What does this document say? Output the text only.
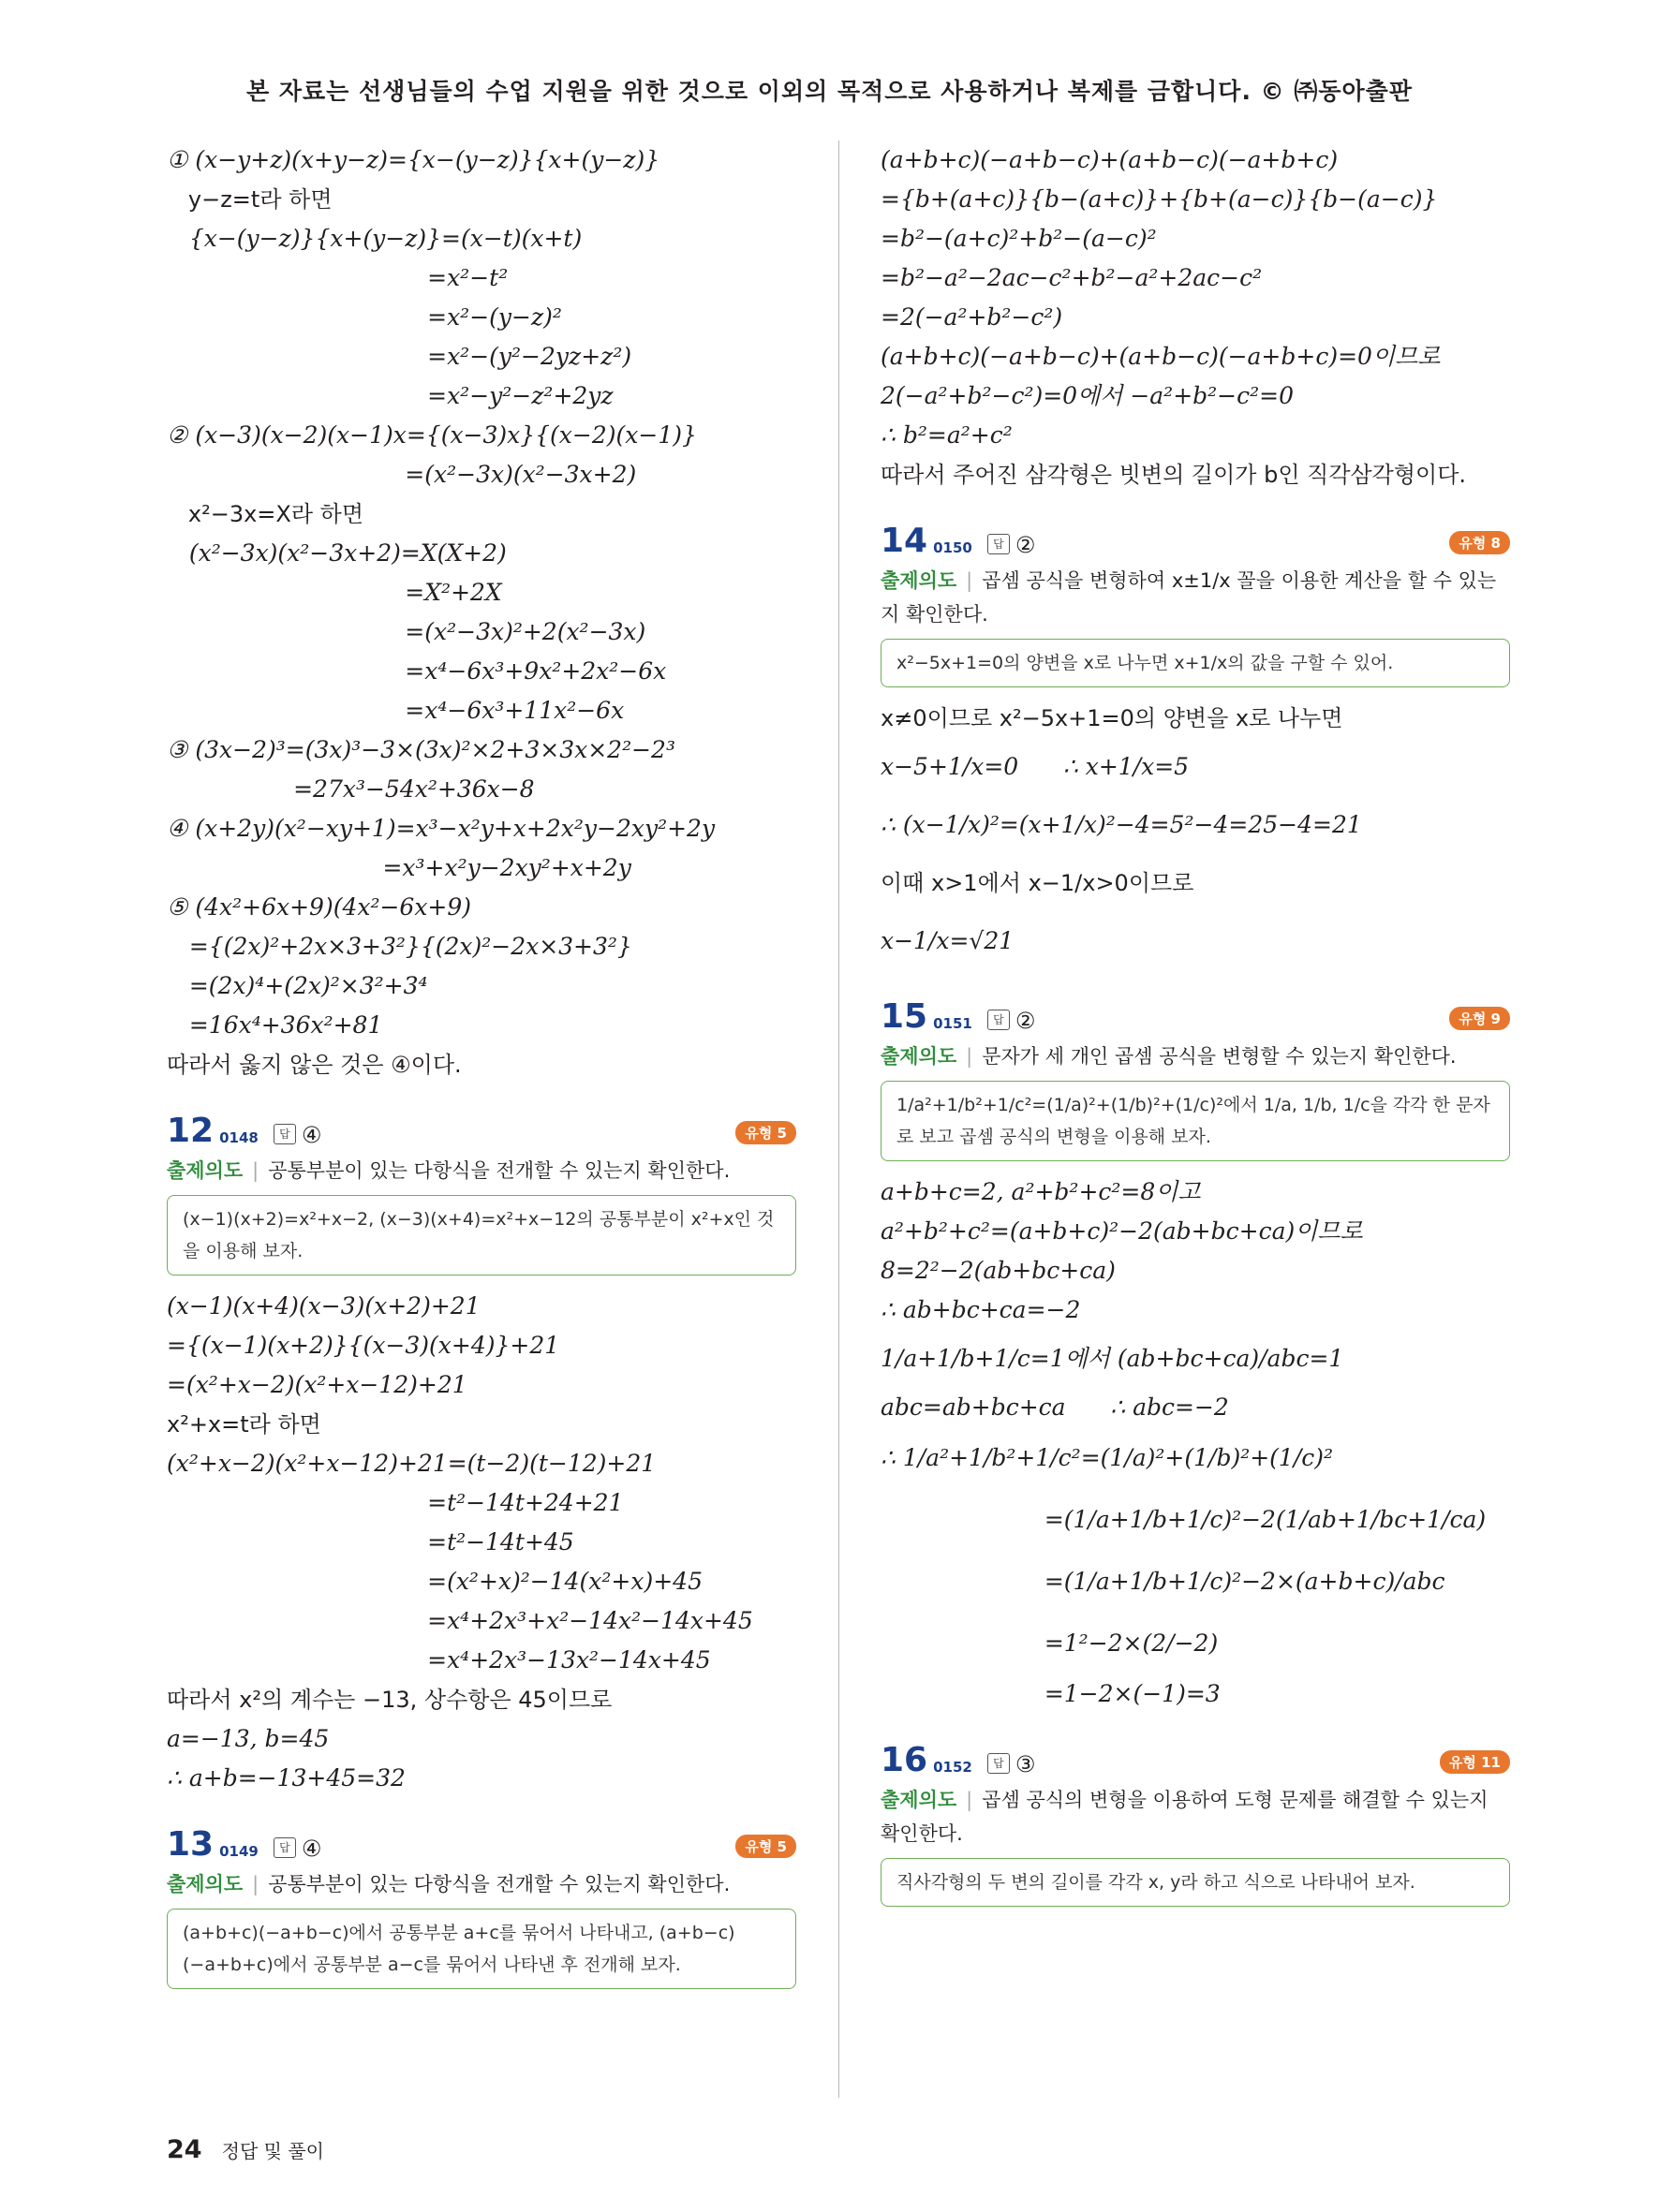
본 자료는 선생님들의 수업 지원을 위한 것으로 이외의 목적으로 사용하거나 복제를 금합니다. © ㈜동아출판
① (x−y+z)(x+y−z)={x−(y−z)}{x+(y−z)}
y−z=t라 하면
{x−(y−z)}{x+(y−z)}=(x−t)(x+t)
=x²−t²
=x²−(y−z)²
=x²−(y²−2yz+z²)
=x²−y²−z²+2yz
② (x−3)(x−2)(x−1)x={(x−3)x}{(x−2)(x−1)}
=(x²−3x)(x²−3x+2)
x²−3x=X라 하면
(x²−3x)(x²−3x+2)=X(X+2)
=X²+2X
=(x²−3x)²+2(x²−3x)
=x⁴−6x³+9x²+2x²−6x
=x⁴−6x³+11x²−6x
③ (3x−2)³=(3x)³−3×(3x)²×2+3×3x×2²−2³
=27x³−54x²+36x−8
④ (x+2y)(x²−xy+1)=x³−x²y+x+2x²y−2xy²+2y
=x³+x²y−2xy²+x+2y
⑤ (4x²+6x+9)(4x²−6x+9)
={(2x)²+2x×3+3²}{(2x)²−2x×3+3²}
=(2x)⁴+(2x)²×3²+3⁴
=16x⁴+36x²+81
따라서 옳지 않은 것은 ④이다.
12 0148	답 ④	유형 5
출제의도 | 공통부분이 있는 다항식을 전개할 수 있는지 확인한다.
(x−1)(x+2)=x²+x−2, (x−3)(x+4)=x²+x−12의 공통부분이 x²+x인 것을 이용해 보자.
(x−1)(x+4)(x−3)(x+2)+21
={(x−1)(x+2)}{(x−3)(x+4)}+21
=(x²+x−2)(x²+x−12)+21
x²+x=t라 하면
(x²+x−2)(x²+x−12)+21=(t−2)(t−12)+21
=t²−14t+24+21
=t²−14t+45
=(x²+x)²−14(x²+x)+45
=x⁴+2x³+x²−14x²−14x+45
=x⁴+2x³−13x²−14x+45
따라서 x²의 계수는 −13, 상수항은 45이므로
a=−13, b=45
∴ a+b=−13+45=32
13 0149	답 ④	유형 5
출제의도 | 공통부분이 있는 다항식을 전개할 수 있는지 확인한다.
(a+b+c)(−a+b−c)에서 공통부분 a+c를 묶어서 나타내고, (a+b−c)(−a+b+c)에서 공통부분 a−c를 묶어서 나타낸 후 전개해 보자.
(a+b+c)(−a+b−c)+(a+b−c)(−a+b+c)
={b+(a+c)}{b−(a+c)}+{b+(a−c)}{b−(a−c)}
=b²−(a+c)²+b²−(a−c)²
=b²−a²−2ac−c²+b²−a²+2ac−c²
=2(−a²+b²−c²)
(a+b+c)(−a+b−c)+(a+b−c)(−a+b+c)=0이므로
2(−a²+b²−c²)=0에서 −a²+b²−c²=0
∴ b²=a²+c²
따라서 주어진 삼각형은 빗변의 길이가 b인 직각삼각형이다.
14 0150	답 ②	유형 8
출제의도 | 곱셈 공식을 변형하여 x±1/x 꼴을 이용한 계산을 할 수 있는지 확인한다.
x²−5x+1=0의 양변을 x로 나누면 x+1/x의 값을 구할 수 있어.
x≠0이므로 x²−5x+1=0의 양변을 x로 나누면
x−5+1/x=0      ∴ x+1/x=5
∴ (x−1/x)²=(x+1/x)²−4=5²−4=25−4=21
이때 x>1에서 x−1/x>0이므로
x−1/x=√21
15 0151	답 ②	유형 9
출제의도 | 문자가 세 개인 곱셈 공식을 변형할 수 있는지 확인한다.
1/a²+1/b²+1/c²=(1/a)²+(1/b)²+(1/c)²에서 1/a, 1/b, 1/c을 각각 한 문자로 보고 곱셈 공식의 변형을 이용해 보자.
a+b+c=2, a²+b²+c²=8이고
a²+b²+c²=(a+b+c)²−2(ab+bc+ca)이므로
8=2²−2(ab+bc+ca)
∴ ab+bc+ca=−2
1/a+1/b+1/c=1에서 (ab+bc+ca)/abc=1
abc=ab+bc+ca      ∴ abc=−2
∴ 1/a²+1/b²+1/c²=(1/a)²+(1/b)²+(1/c)²
=(1/a+1/b+1/c)²−2(1/ab+1/bc+1/ca)
=(1/a+1/b+1/c)²−2×(a+b+c)/abc
=1²−2×(2/−2)
=1−2×(−1)=3
16 0152	답 ③	유형 11
출제의도 | 곱셈 공식의 변형을 이용하여 도형 문제를 해결할 수 있는지 확인한다.
직사각형의 두 변의 길이를 각각 x, y라 하고 식으로 나타내어 보자.
24 정답 및 풀이
